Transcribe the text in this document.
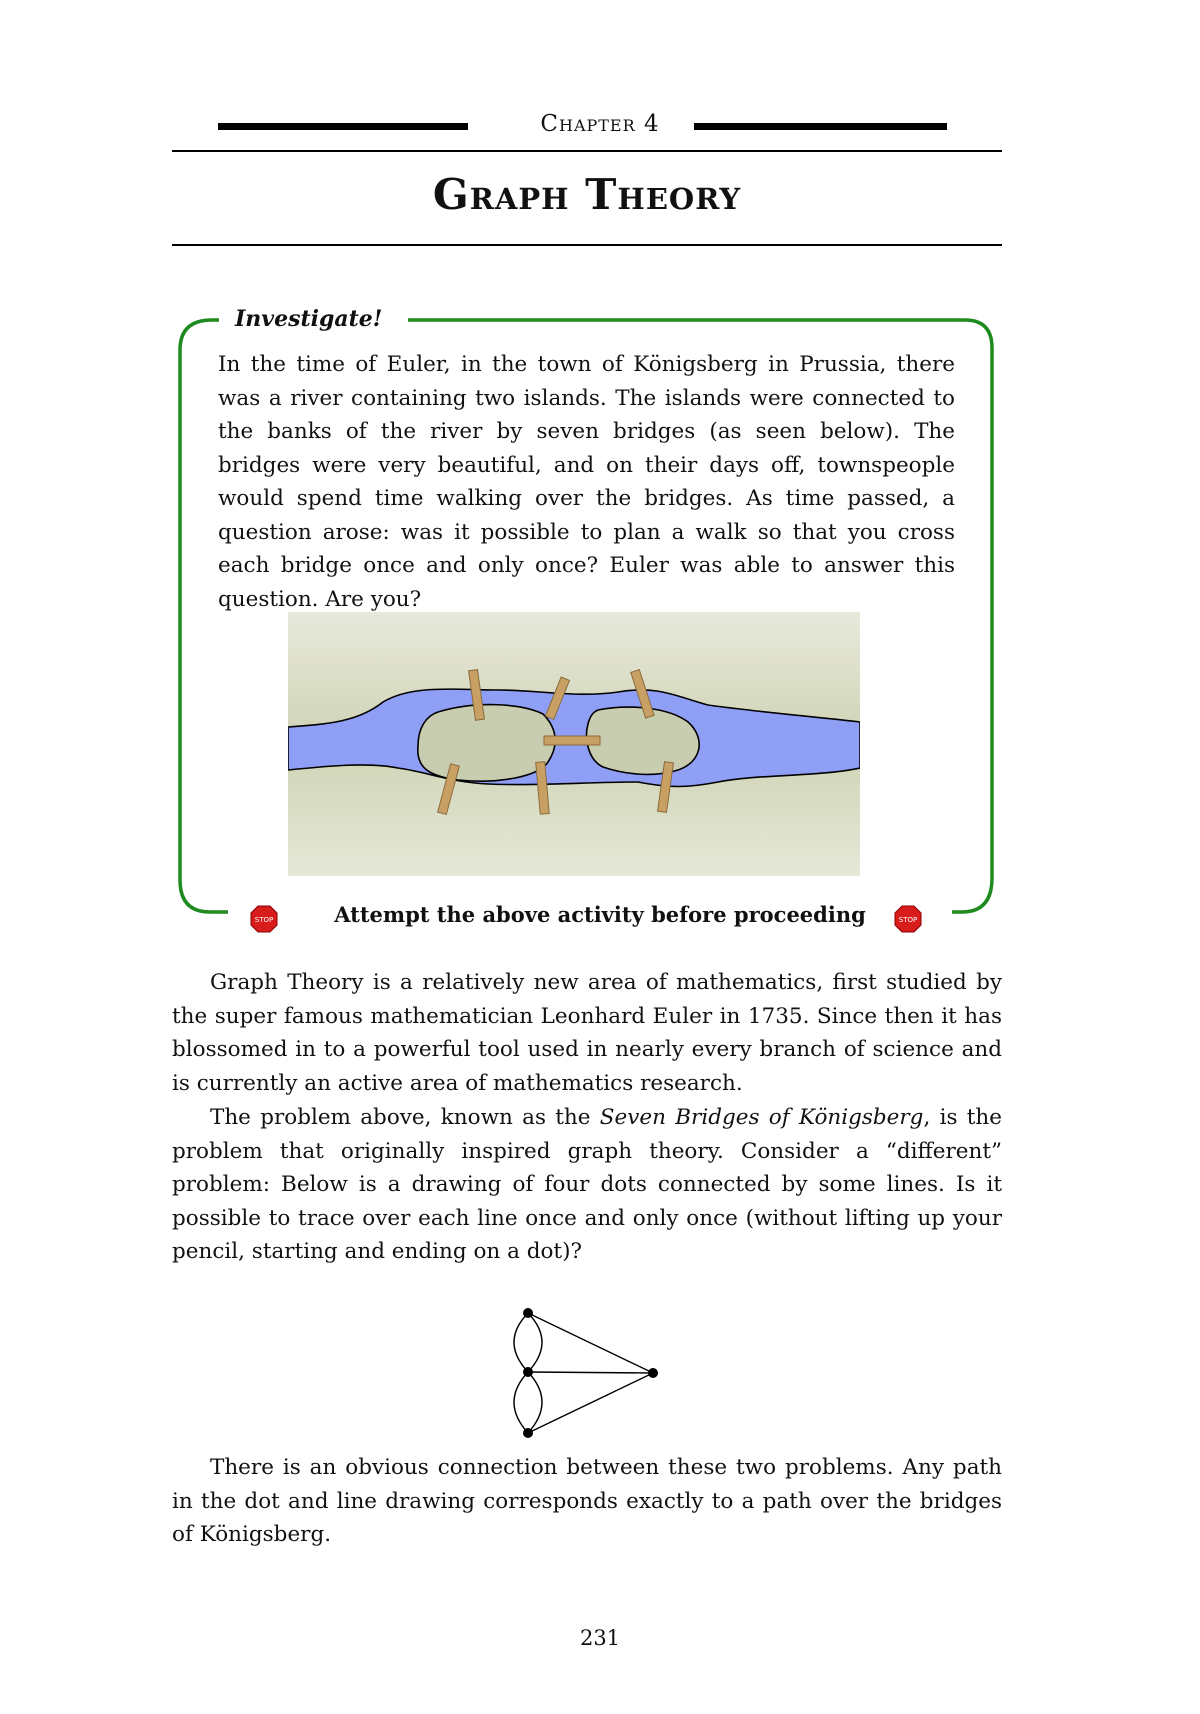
Chapter 4
Graph Theory
Investigate!

In the time of Euler, in the town of Königsberg in Prussia, there was a river containing two islands. The islands were connected to the banks of the river by seven bridges (as seen below). The bridges were very beautiful, and on their days off, townspeople would spend time walking over the bridges. As time passed, a question arose: was it possible to plan a walk so that you cross each bridge once and only once? Euler was able to answer this question. Are you?

STOP	Attempt the above activity before proceeding	STOP

Graph Theory is a relatively new area of mathematics, first studied by the super famous mathematician Leonhard Euler in 1735. Since then it has blossomed in to a powerful tool used in nearly every branch of science and is currently an active area of mathematics research.

The problem above, known as the Seven Bridges of Königsberg, is the problem that originally inspired graph theory. Consider a “different” problem: Below is a drawing of four dots connected by some lines. Is it possible to trace over each line once and only once (without lifting up your pencil, starting and ending on a dot)?

There is an obvious connection between these two problems. Any path in the dot and line drawing corresponds exactly to a path over the bridges of Königsberg.

231
